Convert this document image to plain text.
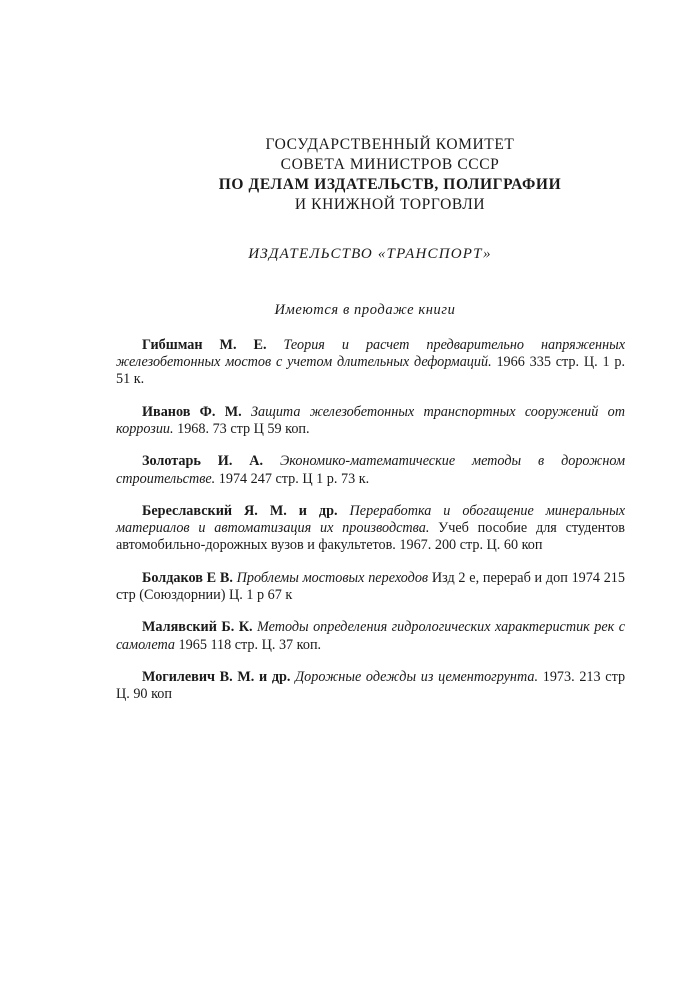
ГОСУДАРСТВЕННЫЙ КОМИТЕТ
СОВЕТА МИНИСТРОВ СССР
ПО ДЕЛАМ ИЗДАТЕЛЬСТВ, ПОЛИГРАФИИ
И КНИЖНОЙ ТОРГОВЛИ
ИЗДАТЕЛЬСТВО «ТРАНСПОРТ»
Имеются в продаже книги

Гибшман М. Е. Теория и расчет предварительно напряженных железобетонных мостов с учетом длительных деформаций. 1966 335 стр. Ц. 1 р. 51 к.

Иванов Ф. М. Защита железобетонных транспортных сооружений от коррозии. 1968. 73 стр Ц 59 коп.

Золотарь И. А. Экономико-математические методы в дорожном строительстве. 1974 247 стр. Ц 1 р. 73 к.

Береславский Я. М. и др. Переработка и обогащение минеральных материалов и автоматизация их производства. Учеб пособие для студентов автомобильно-дорожных вузов и факультетов. 1967. 200 стр. Ц. 60 коп

Болдаков Е В. Проблемы мостовых переходов Изд 2 е, перераб и доп 1974 215 стр (Союздорнии) Ц. 1 р 67 к

Малявский Б. К. Методы определения гидрологических характеристик рек с самолета 1965 118 стр. Ц. 37 коп.

Могилевич В. М. и др. Дорожные одежды из цементогрунта. 1973. 213 стр Ц. 90 коп
